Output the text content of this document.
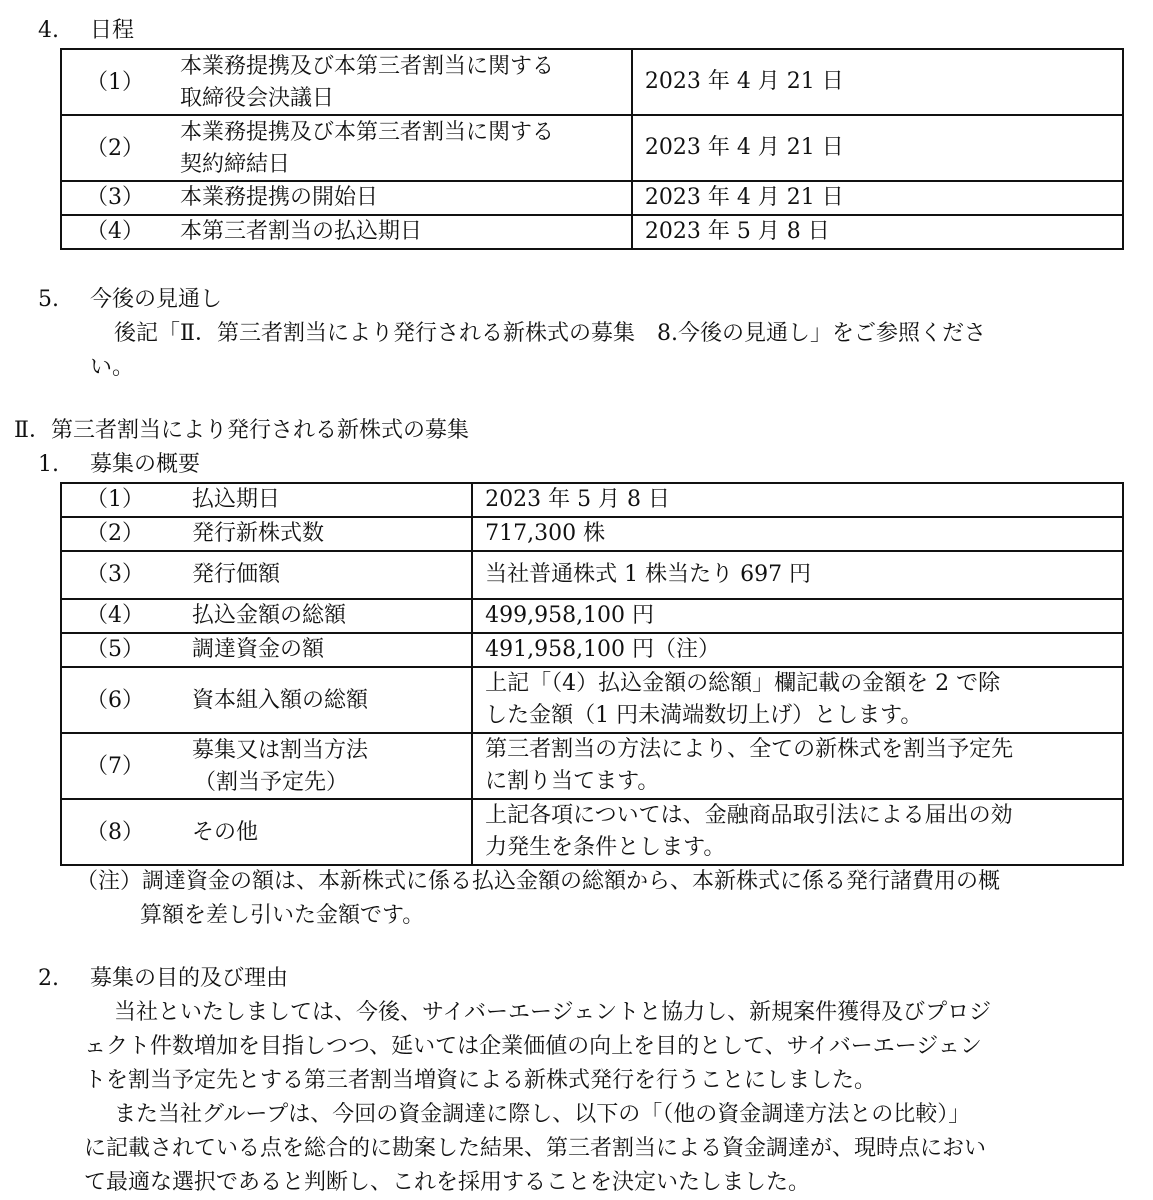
4. 日程
（1）
本業務提携及び本第三者割当に関する
取締役会決議日	2023 年 4 月 21 日

（2）
本業務提携及び本第三者割当に関する
契約締結日	2023 年 4 月 21 日

（3） 本業務提携の開始日	2023 年 4 月 21 日

（4） 本第三者割当の払込期日	2023 年 5 月 8 日
5. 今後の見通し
後記「Ⅱ．第三者割当により発行される新株式の募集　8.今後の見通し」をご参照くださ
い。
Ⅱ．第三者割当により発行される新株式の募集
1. 募集の概要
（1） 払込期日	2023 年 5 月 8 日

（2） 発行新株式数	717,300 株

（3） 発行価額	当社普通株式 1 株当たり 697 円

（4） 払込金額の総額	499,958,100 円

（5） 調達資金の額	491,958,100 円（注）

（6） 資本組入額の総額	上記「（4）払込金額の総額」欄記載の金額を 2 で除
した金額（1 円未満端数切上げ）とします。

（7）
募集又は割当方法
（割当予定先）	第三者割当の方法により、全ての新株式を割当予定先
に割り当てます。

（8） その他	上記各項については、金融商品取引法による届出の効
力発生を条件とします。
（注）調達資金の額は、本新株式に係る払込金額の総額から、本新株式に係る発行諸費用の概
算額を差し引いた金額です。
2. 募集の目的及び理由
当社といたしましては、今後、サイバーエージェントと協力し、新規案件獲得及びプロジ
ェクト件数増加を目指しつつ、延いては企業価値の向上を目的として、サイバーエージェン
トを割当予定先とする第三者割当増資による新株式発行を行うことにしました。
また当社グループは、今回の資金調達に際し、以下の「（他の資金調達方法との比較）」
に記載されている点を総合的に勘案した結果、第三者割当による資金調達が、現時点におい
て最適な選択であると判断し、これを採用することを決定いたしました。
